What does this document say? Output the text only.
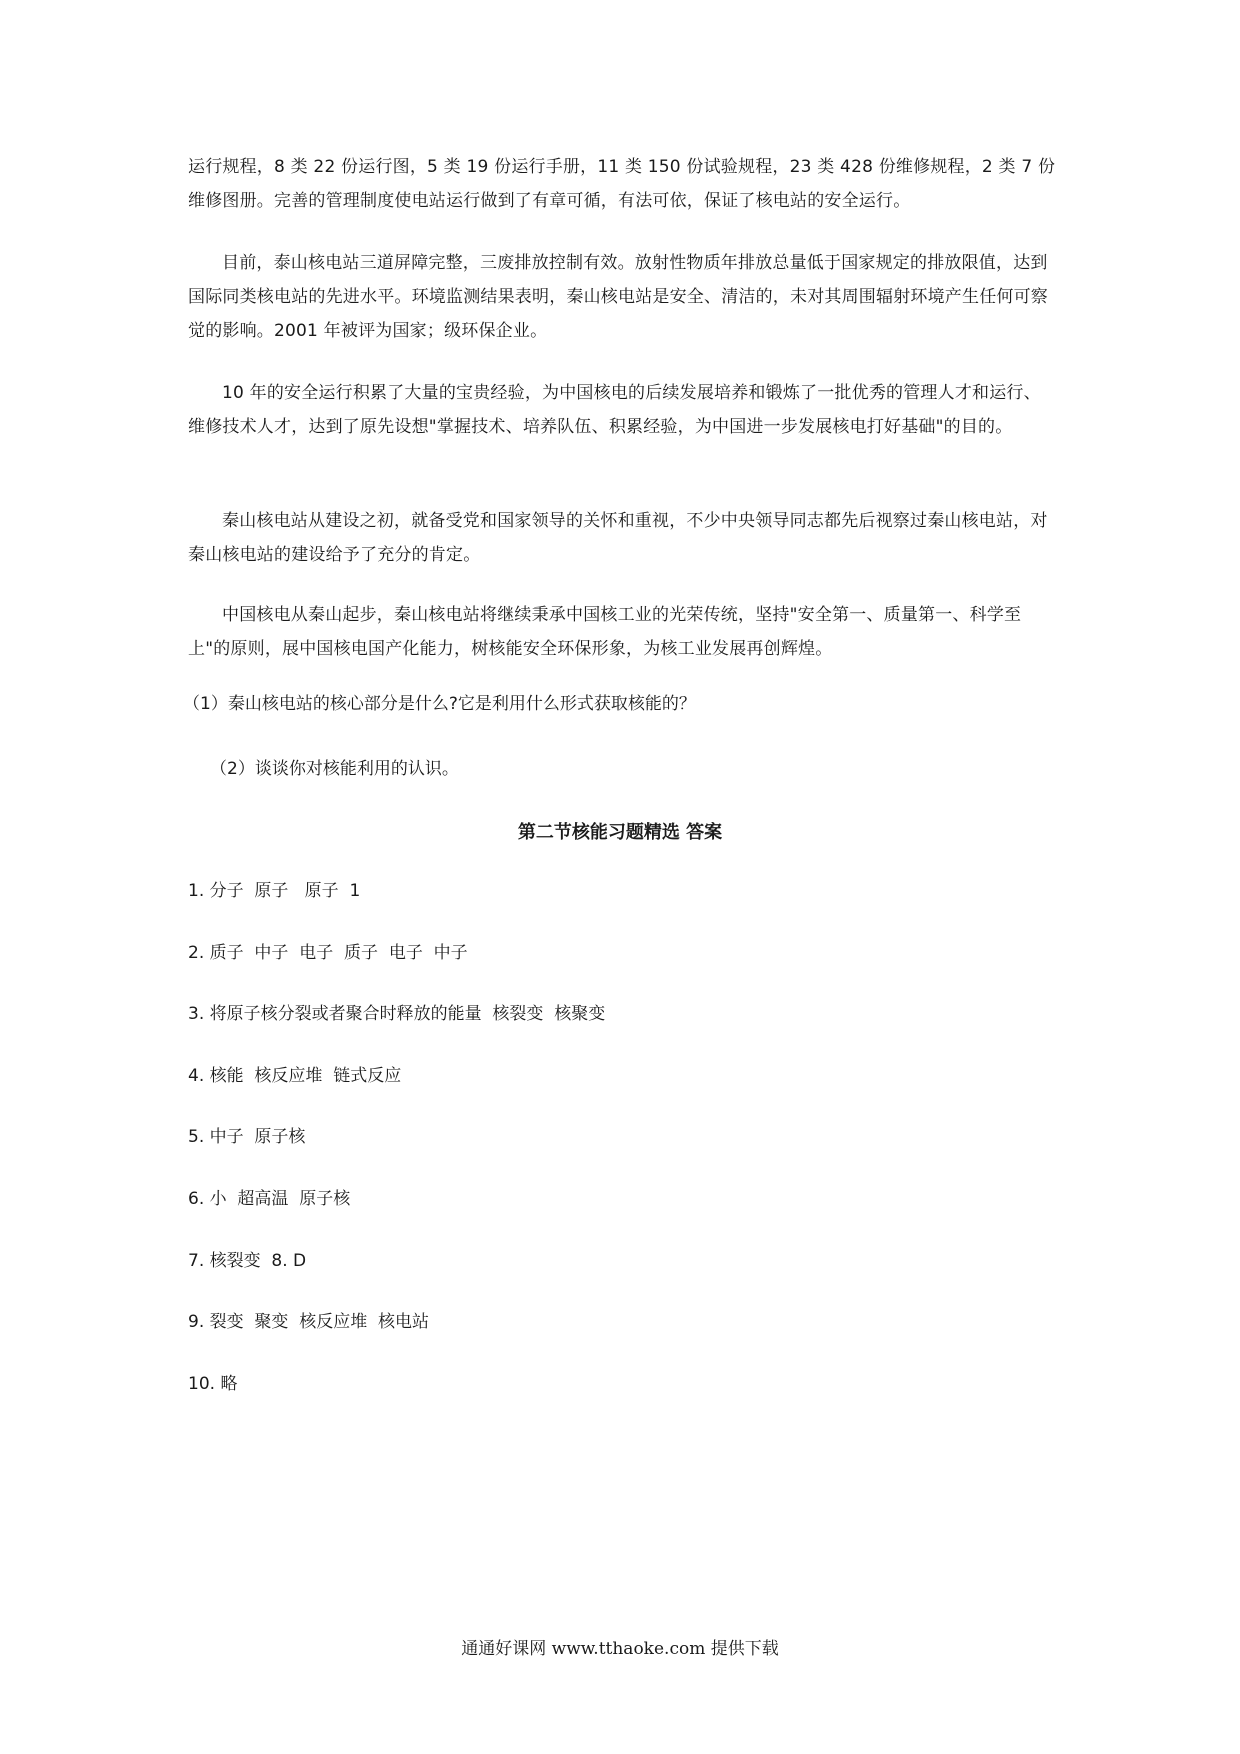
运行规程，8 类 22 份运行图，5 类 19 份运行手册，11 类 150 份试验规程，23 类 428 份维修规程，2 类 7 份维修图册。完善的管理制度使电站运行做到了有章可循，有法可依，保证了核电站的安全运行。

目前，泰山核电站三道屏障完整，三废排放控制有效。放射性物质年排放总量低于国家规定的排放限值，达到国际同类核电站的先进水平。环境监测结果表明，秦山核电站是安全、清洁的，未对其周围辐射环境产生任何可察觉的影响。2001 年被评为国家；级环保企业。

10 年的安全运行积累了大量的宝贵经验，为中国核电的后续发展培养和锻炼了一批优秀的管理人才和运行、维修技术人才，达到了原先设想"掌握技术、培养队伍、积累经验，为中国进一步发展核电打好基础"的目的。

秦山核电站从建设之初，就备受党和国家领导的关怀和重视，不少中央领导同志都先后视察过秦山核电站，对秦山核电站的建设给予了充分的肯定。

中国核电从秦山起步，秦山核电站将继续秉承中国核工业的光荣传统，坚持"安全第一、质量第一、科学至上"的原则，展中国核电国产化能力，树核能安全环保形象，为核工业发展再创辉煌。

（1）秦山核电站的核心部分是什么?它是利用什么形式获取核能的？

（2）谈谈你对核能利用的认识。

第二节核能习题精选 答案

1. 分子  原子   原子  1

2. 质子  中子  电子  质子  电子  中子

3. 将原子核分裂或者聚合时释放的能量  核裂变  核聚变

4. 核能  核反应堆  链式反应

5. 中子  原子核

6. 小  超高温  原子核

7. 核裂变  8. D

9. 裂变  聚变  核反应堆  核电站

10. 略

通通好课网 www.tthaoke.com 提供下载
